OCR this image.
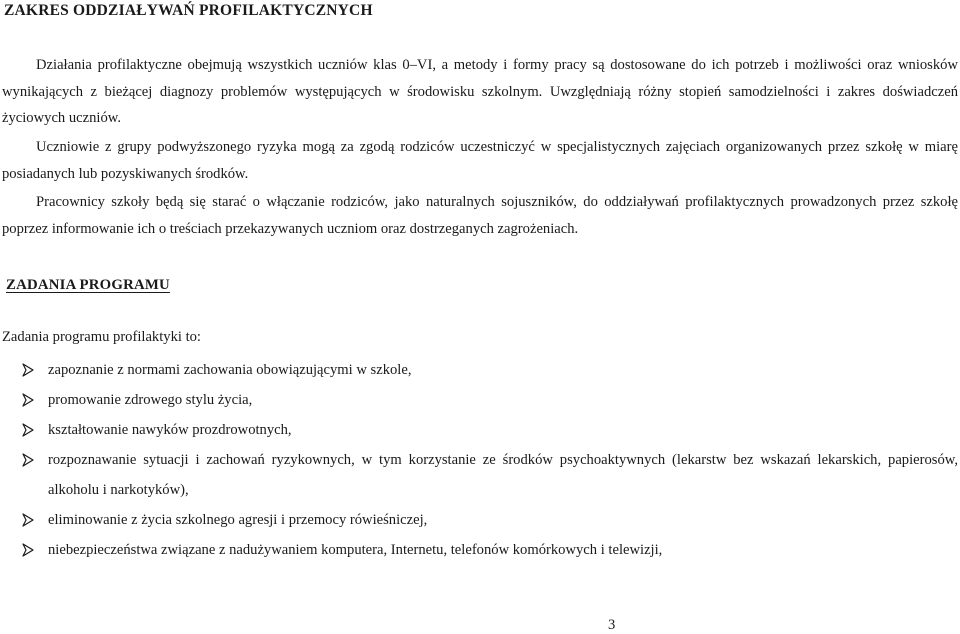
ZAKRES ODDZIAŁYWAŃ PROFILAKTYCZNYCH
Działania profilaktyczne obejmują wszystkich uczniów klas 0–VI, a metody i formy pracy są dostosowane do ich potrzeb i możliwości oraz wniosków wynikających z bieżącej diagnozy problemów występujących w środowisku szkolnym. Uwzględniają różny stopień samodzielności i zakres doświadczeń życiowych uczniów.
Uczniowie z grupy podwyższonego ryzyka mogą za zgodą rodziców uczestniczyć w specjalistycznych zajęciach organizowanych przez szkołę w miarę posiadanych lub pozyskiwanych środków.
Pracownicy szkoły będą się starać o włączanie rodziców, jako naturalnych sojuszników, do oddziaływań profilaktycznych prowadzonych przez szkołę poprzez informowanie ich o treściach przekazywanych uczniom oraz dostrzeganych zagrożeniach.
ZADANIA PROGRAMU
Zadania programu profilaktyki to:
zapoznanie z normami zachowania obowiązującymi w szkole,
promowanie zdrowego stylu życia,
kształtowanie nawyków prozdrowotnych,
rozpoznawanie sytuacji i zachowań ryzykownych, w tym korzystanie ze środków psychoaktywnych (lekarstw bez wskazań lekarskich, papierosów, alkoholu i narkotyków),
eliminowanie z życia szkolnego agresji i przemocy rówieśniczej,
niebezpieczeństwa związane z nadużywaniem komputera, Internetu, telefonów komórkowych i telewizji,
3
